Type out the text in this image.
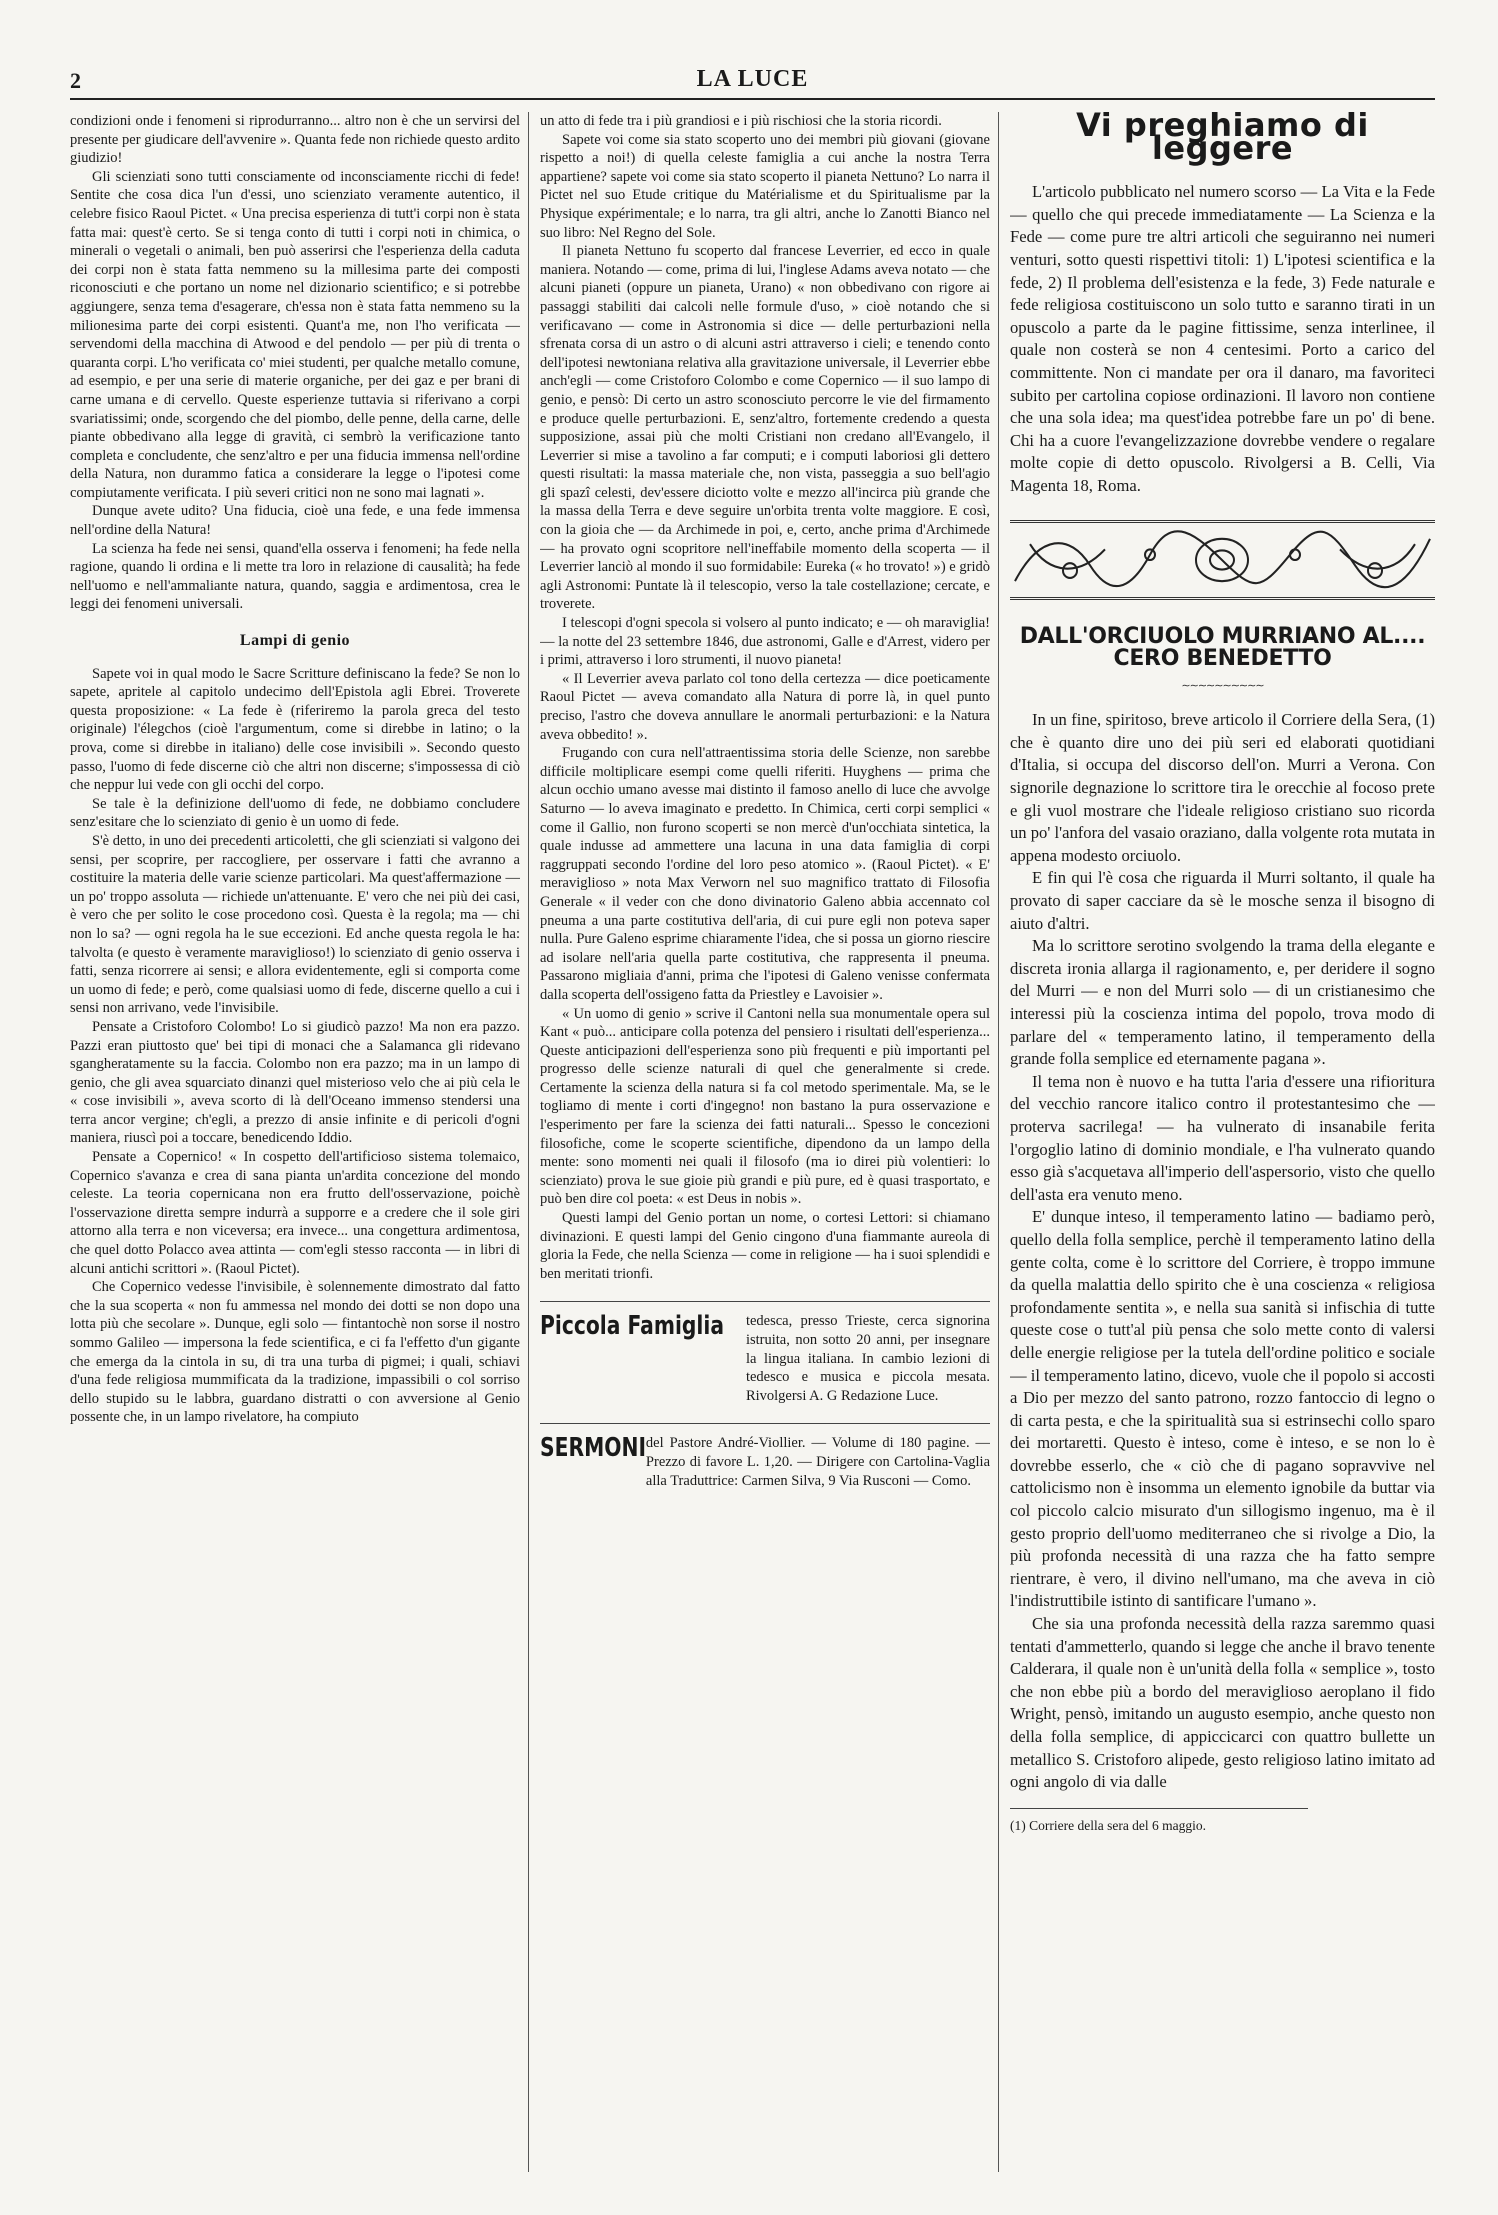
2	LA LUCE

condizioni onde i fenomeni si riprodurranno... altro non è che un servirsi del presente per giudicare dell'avvenire ». Quanta fede non richiede questo ardito giudizio!

Gli scienziati sono tutti consciamente od inconsciamente ricchi di fede! Sentite che cosa dica l'un d'essi, uno scienziato veramente autentico, il celebre fisico Raoul Pictet. « Una precisa esperienza di tutt'i corpi non è stata fatta mai: quest'è certo. Se si tenga conto di tutti i corpi noti in chimica, o minerali o vegetali o animali, ben può asserirsi che l'esperienza della caduta dei corpi non è stata fatta nemmeno su la millesima parte dei composti riconosciuti e che portano un nome nel dizionario scientifico; e si potrebbe aggiungere, senza tema d'esagerare, ch'essa non è stata fatta nemmeno su la milionesima parte dei corpi esistenti. Quant'a me, non l'ho verificata — servendomi della macchina di Atwood e del pendolo — per più di trenta o quaranta corpi. L'ho verificata co' miei studenti, per qualche metallo comune, ad esempio, e per una serie di materie organiche, per dei gaz e per brani di carne umana e di cervello. Queste esperienze tuttavia si riferivano a corpi svariatissimi; onde, scorgendo che del piombo, delle penne, della carne, delle piante obbedivano alla legge di gravità, ci sembrò la verificazione tanto completa e concludente, che senz'altro e per una fiducia immensa nell'ordine della Natura, non durammo fatica a considerare la legge o l'ipotesi come compiutamente verificata. I più severi critici non ne sono mai lagnati ».

Dunque avete udito? Una fiducia, cioè una fede, e una fede immensa nell'ordine della Natura!

La scienza ha fede nei sensi, quand'ella osserva i fenomeni; ha fede nella ragione, quando li ordina e li mette tra loro in relazione di causalità; ha fede nell'uomo e nell'ammaliante natura, quando, saggia e ardimentosa, crea le leggi dei fenomeni universali.

Lampi di genio

Sapete voi in qual modo le Sacre Scritture definiscano la fede? Se non lo sapete, apritele al capitolo undecimo dell'Epistola agli Ebrei. Troverete questa proposizione: « La fede è (riferiremo la parola greca del testo originale) l'élegchos (cioè l'argumentum, come si direbbe in latino; o la prova, come si direbbe in italiano) delle cose invisibili ». Secondo questo passo, l'uomo di fede discerne ciò che altri non discerne; s'impossessa di ciò che neppur lui vede con gli occhi del corpo.

Se tale è la definizione dell'uomo di fede, ne dobbiamo concludere senz'esitare che lo scienziato di genio è un uomo di fede.

S'è detto, in uno dei precedenti articoletti, che gli scienziati si valgono dei sensi, per scoprire, per raccogliere, per osservare i fatti che avranno a costituire la materia delle varie scienze particolari. Ma quest'affermazione — un po' troppo assoluta — richiede un'attenuante. E' vero che nei più dei casi, è vero che per solito le cose procedono così. Questa è la regola; ma — chi non lo sa? — ogni regola ha le sue eccezioni. Ed anche questa regola le ha: talvolta (e questo è veramente maraviglioso!) lo scienziato di genio osserva i fatti, senza ricorrere ai sensi; e allora evidentemente, egli si comporta come un uomo di fede; e però, come qualsiasi uomo di fede, discerne quello a cui i sensi non arrivano, vede l'invisibile.

Pensate a Cristoforo Colombo! Lo si giudicò pazzo! Ma non era pazzo. Pazzi eran piuttosto que' bei tipi di monaci che a Salamanca gli ridevano sgangheratamente su la faccia. Colombo non era pazzo; ma in un lampo di genio, che gli avea squarciato dinanzi quel misterioso velo che ai più cela le « cose invisibili », aveva scorto di là dell'Oceano immenso stendersi una terra ancor vergine; ch'egli, a prezzo di ansie infinite e di pericoli d'ogni maniera, riuscì poi a toccare, benedicendo Iddio.

Pensate a Copernico! « In cospetto dell'artificioso sistema tolemaico, Copernico s'avanza e crea di sana pianta un'ardita concezione del mondo celeste. La teoria copernicana non era frutto dell'osservazione, poichè l'osservazione diretta sempre indurrà a supporre e a credere che il sole giri attorno alla terra e non viceversa; era invece... una congettura ardimentosa, che quel dotto Polacco avea attinta — com'egli stesso racconta — in libri di alcuni antichi scrittori ». (Raoul Pictet).

Che Copernico vedesse l'invisibile, è solennemente dimostrato dal fatto che la sua scoperta « non fu ammessa nel mondo dei dotti se non dopo una lotta più che secolare ». Dunque, egli solo — fintantochè non sorse il nostro sommo Galileo — impersona la fede scientifica, e ci fa l'effetto d'un gigante che emerga da la cintola in su, di tra una turba di pigmei; i quali, schiavi d'una fede religiosa mummificata da la tradizione, impassibili o col sorriso dello stupido su le labbra, guardano distratti o con avversione al Genio possente che, in un lampo rivelatore, ha compiuto

un atto di fede tra i più grandiosi e i più rischiosi che la storia ricordi.

Sapete voi come sia stato scoperto uno dei membri più giovani (giovane rispetto a noi!) di quella celeste famiglia a cui anche la nostra Terra appartiene? sapete voi come sia stato scoperto il pianeta Nettuno? Lo narra il Pictet nel suo Etude critique du Matérialisme et du Spiritualisme par la Physique expérimentale; e lo narra, tra gli altri, anche lo Zanotti Bianco nel suo libro: Nel Regno del Sole.

Il pianeta Nettuno fu scoperto dal francese Leverrier, ed ecco in quale maniera. Notando — come, prima di lui, l'inglese Adams aveva notato — che alcuni pianeti (oppure un pianeta, Urano) « non obbedivano con rigore ai passaggi stabiliti dai calcoli nelle formule d'uso, » cioè notando che si verificavano — come in Astronomia si dice — delle perturbazioni nella sfrenata corsa di un astro o di alcuni astri attraverso i cieli; e tenendo conto dell'ipotesi newtoniana relativa alla gravitazione universale, il Leverrier ebbe anch'egli — come Cristoforo Colombo e come Copernico — il suo lampo di genio, e pensò: Di certo un astro sconosciuto percorre le vie del firmamento e produce quelle perturbazioni. E, senz'altro, fortemente credendo a questa supposizione, assai più che molti Cristiani non credano all'Evangelo, il Leverrier si mise a tavolino a far computi; e i computi laboriosi gli dettero questi risultati: la massa materiale che, non vista, passeggia a suo bell'agio gli spazî celesti, dev'essere diciotto volte e mezzo all'incirca più grande che la massa della Terra e deve seguire un'orbita trenta volte maggiore. E così, con la gioia che — da Archimede in poi, e, certo, anche prima d'Archimede — ha provato ogni scopritore nell'ineffabile momento della scoperta — il Leverrier lanciò al mondo il suo formidabile: Eureka (« ho trovato! ») e gridò agli Astronomi: Puntate là il telescopio, verso la tale costellazione; cercate, e troverete.

I telescopi d'ogni specola si volsero al punto indicato; e — oh maraviglia! — la notte del 23 settembre 1846, due astronomi, Galle e d'Arrest, videro per i primi, attraverso i loro strumenti, il nuovo pianeta!

« Il Leverrier aveva parlato col tono della certezza — dice poeticamente Raoul Pictet — aveva comandato alla Natura di porre là, in quel punto preciso, l'astro che doveva annullare le anormali perturbazioni: e la Natura aveva obbedito! ».

Frugando con cura nell'attraentissima storia delle Scienze, non sarebbe difficile moltiplicare esempi come quelli riferiti. Huyghens — prima che alcun occhio umano avesse mai distinto il famoso anello di luce che avvolge Saturno — lo aveva imaginato e predetto. In Chimica, certi corpi semplici « come il Gallio, non furono scoperti se non mercè d'un'occhiata sintetica, la quale indusse ad ammettere una lacuna in una data famiglia di corpi raggruppati secondo l'ordine del loro peso atomico ». (Raoul Pictet). « E' meraviglioso » nota Max Verworn nel suo magnifico trattato di Filosofia Generale « il veder con che dono divinatorio Galeno abbia accennato col pneuma a una parte costitutiva dell'aria, di cui pure egli non poteva saper nulla. Pure Galeno esprime chiaramente l'idea, che si possa un giorno riescire ad isolare nell'aria quella parte costitutiva, che rappresenta il pneuma. Passarono migliaia d'anni, prima che l'ipotesi di Galeno venisse confermata dalla scoperta dell'ossigeno fatta da Priestley e Lavoisier ».

« Un uomo di genio » scrive il Cantoni nella sua monumentale opera sul Kant « può... anticipare colla potenza del pensiero i risultati dell'esperienza... Queste anticipazioni dell'esperienza sono più frequenti e più importanti pel progresso delle scienze naturali di quel che generalmente si crede. Certamente la scienza della natura si fa col metodo sperimentale. Ma, se le togliamo di mente i corti d'ingegno! non bastano la pura osservazione e l'esperimento per fare la scienza dei fatti naturali... Spesso le concezioni filosofiche, come le scoperte scientifiche, dipendono da un lampo della mente: sono momenti nei quali il filosofo (ma io direi più volentieri: lo scienziato) prova le sue gioie più grandi e più pure, ed è quasi trasportato, e può ben dire col poeta: « est Deus in nobis ».

Questi lampi del Genio portan un nome, o cortesi Lettori: si chiamano divinazioni. E questi lampi del Genio cingono d'una fiammante aureola di gloria la Fede, che nella Scienza — come in religione — ha i suoi splendidi e ben meritati trionfi.

Piccola Famiglia tedesca, presso Trieste, cerca signorina istruita, non sotto 20 anni, per insegnare la lingua italiana. In cambio lezioni di tedesco e musica e piccola mesata. Rivolgersi A. G Redazione Luce.
SERMONI del Pastore André-Viollier. — Volume di 180 pagine. — Prezzo di favore L. 1,20. — Dirigere con Cartolina-Vaglia alla Traduttrice: Carmen Silva, 9 Via Rusconi — Como.
Vi preghiamo di leggere

L'articolo pubblicato nel numero scorso — La Vita e la Fede — quello che qui precede immediatamente — La Scienza e la Fede — come pure tre altri articoli che seguiranno nei numeri venturi, sotto questi rispettivi titoli: 1) L'ipotesi scientifica e la fede, 2) Il problema dell'esistenza e la fede, 3) Fede naturale e fede religiosa costituiscono un solo tutto e saranno tirati in un opuscolo a parte da le pagine fittissime, senza interlinee, il quale non costerà se non 4 centesimi. Porto a carico del committente. Non ci mandate per ora il danaro, ma favoriteci subito per cartolina copiose ordinazioni. Il lavoro non contiene che una sola idea; ma quest'idea potrebbe fare un po' di bene. Chi ha a cuore l'evangelizzazione dovrebbe vendere o regalare molte copie di detto opuscolo. Rivolgersi a B. Celli, Via Magenta 18, Roma.

DALL'ORCIUOLO MURRIANO AL.... CERO BENEDETTO
∼∼∼∼∼∼∼∼∼∼

In un fine, spiritoso, breve articolo il Corriere della Sera, (1) che è quanto dire uno dei più seri ed elaborati quotidiani d'Italia, si occupa del discorso dell'on. Murri a Verona. Con signorile degnazione lo scrittore tira le orecchie al focoso prete e gli vuol mostrare che l'ideale religioso cristiano suo ricorda un po' l'anfora del vasaio oraziano, dalla volgente rota mutata in appena modesto orciuolo.

E fin qui l'è cosa che riguarda il Murri soltanto, il quale ha provato di saper cacciare da sè le mosche senza il bisogno di aiuto d'altri.

Ma lo scrittore serotino svolgendo la trama della elegante e discreta ironia allarga il ragionamento, e, per deridere il sogno del Murri — e non del Murri solo — di un cristianesimo che interessi più la coscienza intima del popolo, trova modo di parlare del « temperamento latino, il temperamento della grande folla semplice ed eternamente pagana ».

Il tema non è nuovo e ha tutta l'aria d'essere una rifioritura del vecchio rancore italico contro il protestantesimo che — proterva sacrilega! — ha vulnerato di insanabile ferita l'orgoglio latino di dominio mondiale, e l'ha vulnerato quando esso già s'acquetava all'imperio dell'aspersorio, visto che quello dell'asta era venuto meno.

E' dunque inteso, il temperamento latino — badiamo però, quello della folla semplice, perchè il temperamento latino della gente colta, come è lo scrittore del Corriere, è troppo immune da quella malattia dello spirito che è una coscienza « religiosa profondamente sentita », e nella sua sanità si infischia di tutte queste cose o tutt'al più pensa che solo mette conto di valersi delle energie religiose per la tutela dell'ordine politico e sociale — il temperamento latino, dicevo, vuole che il popolo si accosti a Dio per mezzo del santo patrono, rozzo fantoccio di legno o di carta pesta, e che la spiritualità sua si estrinsechi collo sparo dei mortaretti. Questo è inteso, come è inteso, e se non lo è dovrebbe esserlo, che « ciò che di pagano sopravvive nel cattolicismo non è insomma un elemento ignobile da buttar via col piccolo calcio misurato d'un sillogismo ingenuo, ma è il gesto proprio dell'uomo mediterraneo che si rivolge a Dio, la più profonda necessità di una razza che ha fatto sempre rientrare, è vero, il divino nell'umano, ma che aveva in ciò l'indistruttibile istinto di santificare l'umano ».

Che sia una profonda necessità della razza saremmo quasi tentati d'ammetterlo, quando si legge che anche il bravo tenente Calderara, il quale non è un'unità della folla « semplice », tosto che non ebbe più a bordo del meraviglioso aeroplano il fido Wright, pensò, imitando un augusto esempio, anche questo non della folla semplice, di appiccicarci con quattro bullette un metallico S. Cristoforo alipede, gesto religioso latino imitato ad ogni angolo di via dalle

(1) Corriere della sera del 6 maggio.
